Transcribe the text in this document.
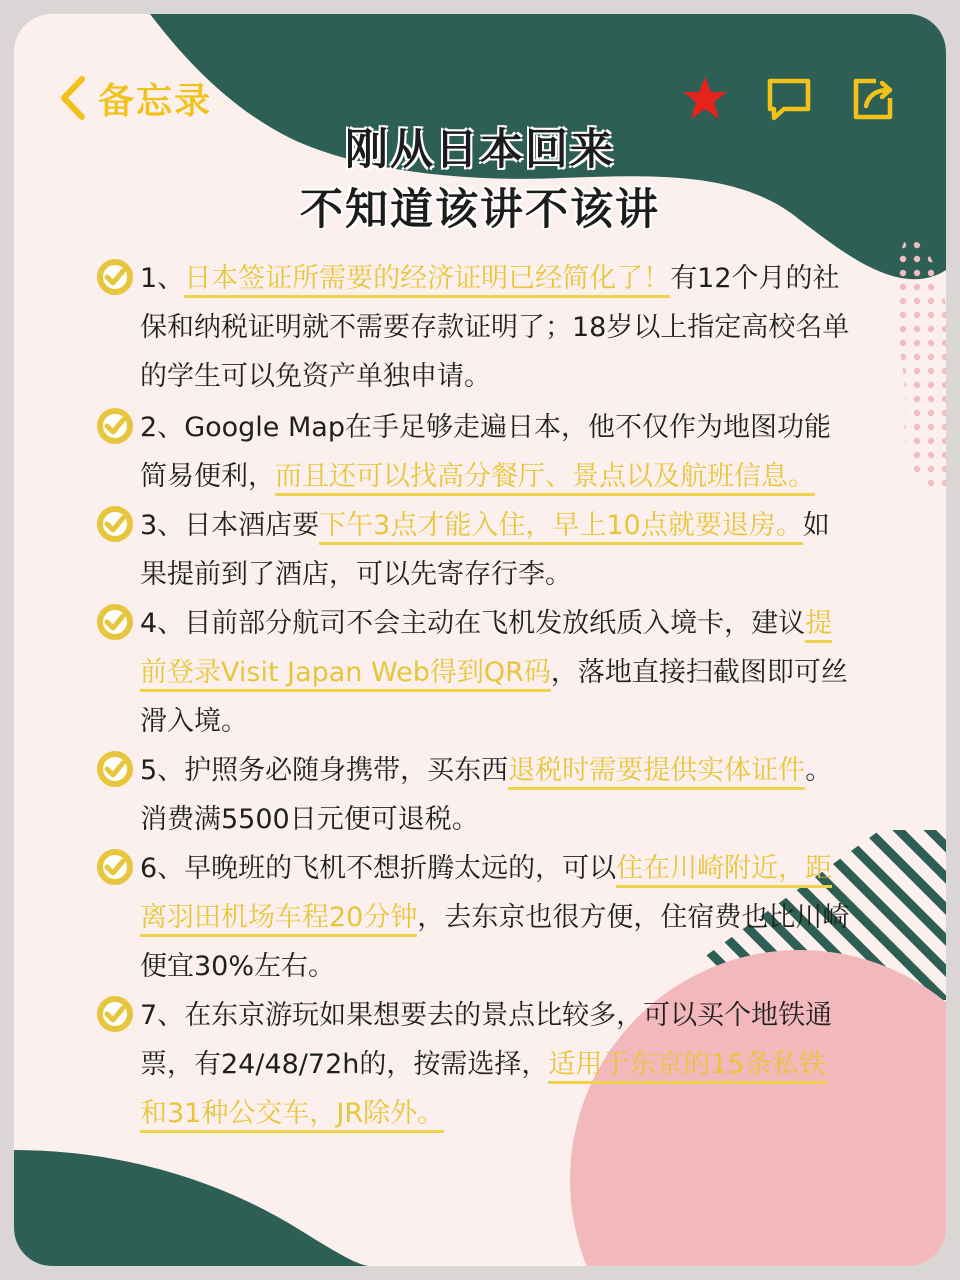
备忘录
刚从日本回来
不知道该讲不该讲
1、日本签证所需要的经济证明已经简化了！有12个月的社保和纳税证明就不需要存款证明了；18岁以上指定高校名单的学生可以免资产单独申请。
2、Google Map在手足够走遍日本，他不仅作为地图功能简易便利，而且还可以找高分餐厅、景点以及航班信息。
3、日本酒店要下午3点才能入住，早上10点就要退房。如果提前到了酒店，可以先寄存行李。
4、目前部分航司不会主动在飞机发放纸质入境卡，建议提前登录Visit Japan Web得到QR码，落地直接扫截图即可丝滑入境。
5、护照务必随身携带，买东西退税时需要提供实体证件。消费满5500日元便可退税。
6、早晚班的飞机不想折腾太远的，可以住在川崎附近，距离羽田机场车程20分钟，去东京也很方便，住宿费也比川崎便宜30%左右。
7、在东京游玩如果想要去的景点比较多，可以买个地铁通票，有24/48/72h的，按需选择，适用于东京的15条私铁和31种公交车，JR除外。
